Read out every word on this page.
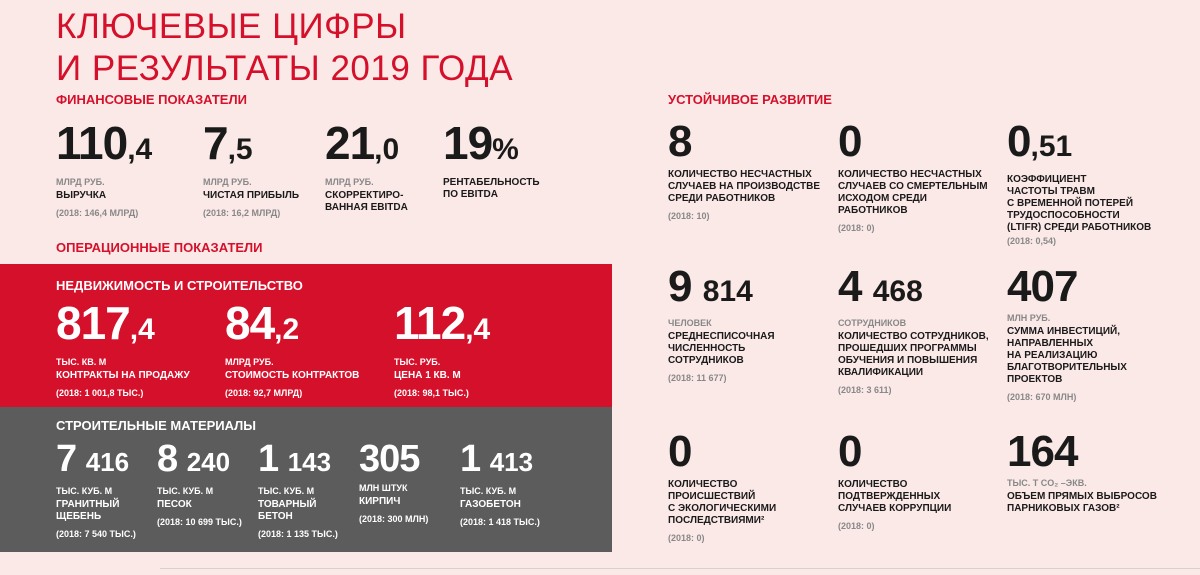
КЛЮЧЕВЫЕ ЦИФРЫ
И РЕЗУЛЬТАТЫ 2019 ГОДА
ФИНАНСОВЫЕ ПОКАЗАТЕЛИ
110,4
МЛРД РУБ.
ВЫРУЧКА
(2018: 146,4 МЛРД)
7,5
МЛРД РУБ.
ЧИСТАЯ ПРИБЫЛЬ
(2018: 16,2 МЛРД)
21,0
МЛРД РУБ.
СКОРРЕКТИРО-
ВАННАЯ EBITDA
19%
РЕНТАБЕЛЬНОСТЬ
ПО EBITDA
ОПЕРАЦИОННЫЕ ПОКАЗАТЕЛИ
НЕДВИЖИМОСТЬ И СТРОИТЕЛЬСТВО
817,4
ТЫС. КВ. М
КОНТРАКТЫ НА ПРОДАЖУ
(2018: 1 001,8 ТЫС.)
84,2
МЛРД РУБ.
СТОИМОСТЬ КОНТРАКТОВ
(2018: 92,7 МЛРД)
112,4
ТЫС. РУБ.
ЦЕНА 1 КВ. М
(2018: 98,1 ТЫС.)
СТРОИТЕЛЬНЫЕ МАТЕРИАЛЫ
7 416
ТЫС. КУБ. М
ГРАНИТНЫЙ
ЩЕБЕНЬ
(2018: 7 540 ТЫС.)
8 240
ТЫС. КУБ. М
ПЕСОК
(2018: 10 699 ТЫС.)
1 143
ТЫС. КУБ. М
ТОВАРНЫЙ
БЕТОН
(2018: 1 135 ТЫС.)
305
МЛН ШТУК
КИРПИЧ
(2018: 300 МЛН)
1 413
ТЫС. КУБ. М
ГАЗОБЕТОН
(2018: 1 418 ТЫС.)
УСТОЙЧИВОЕ РАЗВИТИЕ
8
КОЛИЧЕСТВО НЕСЧАСТНЫХ
СЛУЧАЕВ НА ПРОИЗВОДСТВЕ
СРЕДИ РАБОТНИКОВ
(2018: 10)
0
КОЛИЧЕСТВО НЕСЧАСТНЫХ
СЛУЧАЕВ СО СМЕРТЕЛЬНЫМ
ИСХОДОМ СРЕДИ
РАБОТНИКОВ
(2018: 0)
0,51
КОЭФФИЦИЕНТ
ЧАСТОТЫ ТРАВМ
С ВРЕМЕННОЙ ПОТЕРЕЙ
ТРУДОСПОСОБНОСТИ
(LTIFR) СРЕДИ РАБОТНИКОВ
(2018: 0,54)
9 814
ЧЕЛОВЕК
СРЕДНЕСПИСОЧНАЯ
ЧИСЛЕННОСТЬ
СОТРУДНИКОВ
(2018: 11 677)
4 468
СОТРУДНИКОВ
КОЛИЧЕСТВО СОТРУДНИКОВ,
ПРОШЕДШИХ ПРОГРАММЫ
ОБУЧЕНИЯ И ПОВЫШЕНИЯ
КВАЛИФИКАЦИИ
(2018: 3 611)
407
МЛН РУБ.
СУММА ИНВЕСТИЦИЙ,
НАПРАВЛЕННЫХ
НА РЕАЛИЗАЦИЮ
БЛАГОТВОРИТЕЛЬНЫХ
ПРОЕКТОВ
(2018: 670 МЛН)
0
КОЛИЧЕСТВО
ПРОИСШЕСТВИЙ
С ЭКОЛОГИЧЕСКИМИ
ПОСЛЕДСТВИЯМИ²
(2018: 0)
0
КОЛИЧЕСТВО
ПОДТВЕРЖДЕННЫХ
СЛУЧАЕВ КОРРУПЦИИ
(2018: 0)
164
ТЫС. Т CO₂ –ЭКВ.
ОБЪЕМ ПРЯМЫХ ВЫБРОСОВ
ПАРНИКОВЫХ ГАЗОВ²
